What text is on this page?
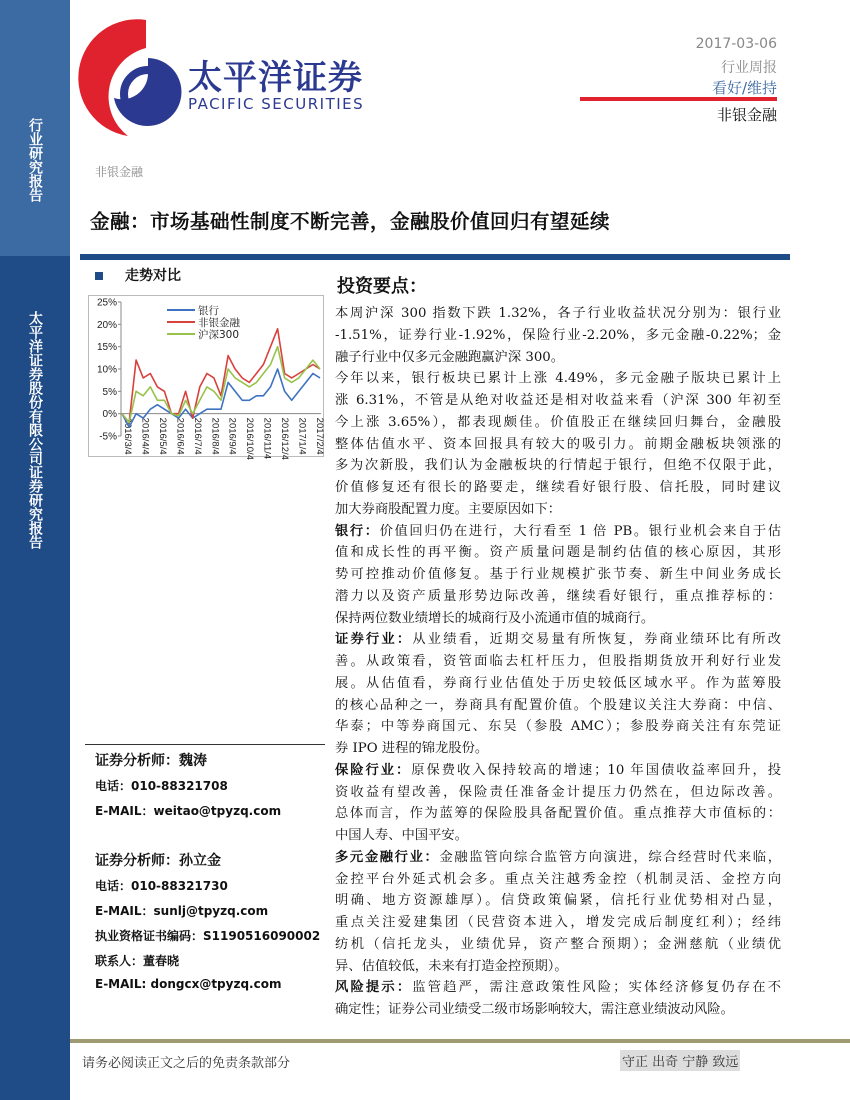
行业研究报告
太平洋证券股份有限公司证券研究报告
太平洋证券
PACIFIC SECURITIES
2017-03-06
行业周报
看好/维持
非银金融
非银金融
金融：市场基础性制度不断完善，金融股价值回归有望延续
走势对比
25%
20%
15%
10%
5%
0%
-5% 2016/3/4 2016/4/4 2016/5/4 2016/6/4 2016/7/4 2016/8/4 2016/9/4 2016/10/4 2016/11/4 2016/12/4 2017/1/4 2017/2/4
银行
非银金融
沪深300
投资要点：
本周沪深 300 指数下跌 1.32%，各子行业收益状况分别为：银行业
-1.51%，证券行业-1.92%，保险行业-2.20%，多元金融-0.22%；金
融子行业中仅多元金融跑赢沪深 300。
今年以来，银行板块已累计上涨 4.49%，多元金融子版块已累计上
涨 6.31%，不管是从绝对收益还是相对收益来看（沪深 300 年初至
今上涨 3.65%），都表现颇佳。价值股正在继续回归舞台，金融股
整体估值水平、资本回报具有较大的吸引力。前期金融板块领涨的
多为次新股，我们认为金融板块的行情起于银行，但绝不仅限于此，
价值修复还有很长的路要走，继续看好银行股、信托股，同时建议
加大券商股配置力度。主要原因如下：
银行：价值回归仍在进行，大行看至 1 倍 PB。银行业机会来自于估
值和成长性的再平衡。资产质量问题是制约估值的核心原因，其形
势可控推动价值修复。基于行业规模扩张节奏、新生中间业务成长
潜力以及资产质量形势边际改善，继续看好银行，重点推荐标的：
保持两位数业绩增长的城商行及小流通市值的城商行。
证券行业：从业绩看，近期交易量有所恢复，券商业绩环比有所改
善。从政策看，资管面临去杠杆压力，但股指期货放开利好行业发
展。从估值看，券商行业估值处于历史较低区域水平。作为蓝筹股
的核心品种之一，券商具有配置价值。个股建议关注大券商：中信、
华泰；中等券商国元、东吴（参股 AMC）；参股券商关注有东莞证
券 IPO 进程的锦龙股份。
保险行业：原保费收入保持较高的增速；10 年国债收益率回升，投
资收益有望改善，保险责任准备金计提压力仍然在，但边际改善。
总体而言，作为蓝筹的保险股具备配置价值。重点推荐大市值标的：
中国人寿、中国平安。
多元金融行业：金融监管向综合监管方向演进，综合经营时代来临，
金控平台外延式机会多。重点关注越秀金控（机制灵活、金控方向
明确、地方资源雄厚）。信贷政策偏紧，信托行业优势相对凸显，
重点关注爱建集团（民营资本进入，增发完成后制度红利）；经纬
纺机（信托龙头，业绩优异，资产整合预期）；金洲慈航（业绩优
异、估值较低，未来有打造金控预期）。
风险提示：监管趋严，需注意政策性风险；实体经济修复仍存在不
确定性；证券公司业绩受二级市场影响较大，需注意业绩波动风险。
证券分析师：魏涛
电话：010-88321708
E-MAIL：weitao@tpyzq.com
证券分析师：孙立金
电话：010-88321730
E-MAIL：sunlj@tpyzq.com
执业资格证书编码：S1190516090002
联系人：董春晓
E-MAIL: dongcx@tpyzq.com
请务必阅读正文之后的免责条款部分	守正 出奇 宁静 致远
